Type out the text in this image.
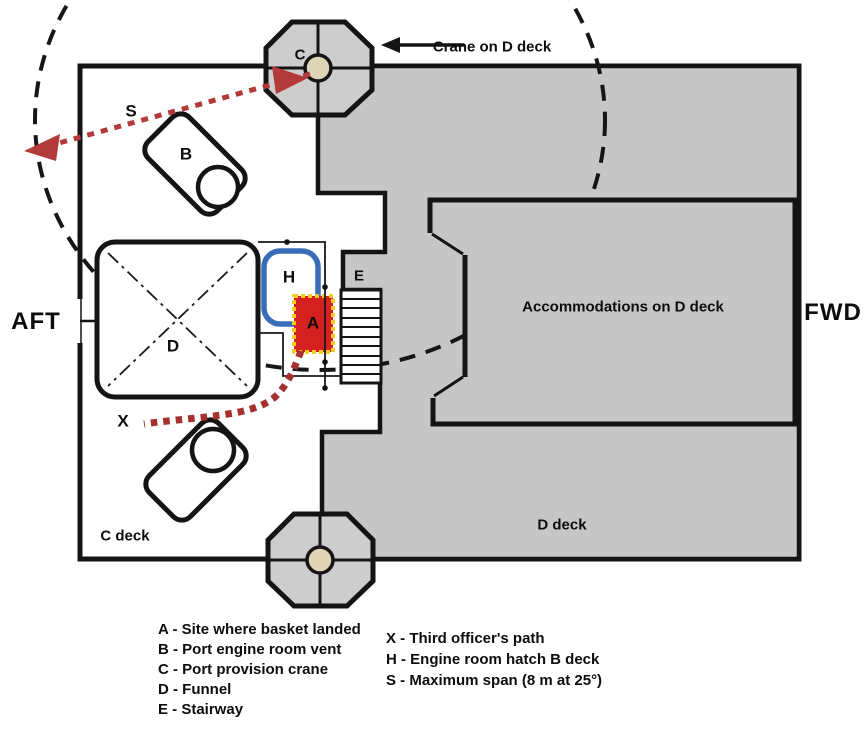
AFT	FWD
Crane on D deck
Accommodations on D deck
C deck
D deck
C
S
B
D
H
A
E
X
A - Site where basket landed
B - Port engine room vent
C - Port provision crane
D - Funnel
E - Stairway
X - Third officer's path
H - Engine room hatch B deck
S - Maximum span (8 m at 25°)
